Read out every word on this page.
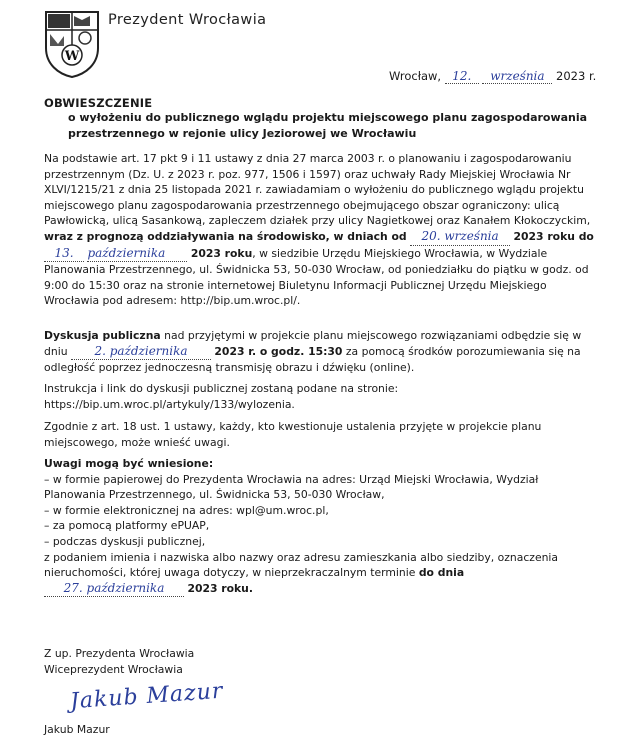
W
Prezydent Wrocławia
Wrocław, 12. września 2023 r.
OBWIESZCZENIE
o wyłożeniu do publicznego wglądu projektu miejscowego planu zagospodarowania przestrzennego w rejonie ulicy Jeziorowej we Wrocławiu
Na podstawie art. 17 pkt 9 i 11 ustawy z dnia 27 marca 2003 r. o planowaniu i zagospodarowaniu przestrzennym (Dz. U. z 2023 r. poz. 977, 1506 i 1597) oraz uchwały Rady Miejskiej Wrocławia Nr XLVI/1215/21 z dnia 25 listopada 2021 r. zawiadamiam o wyłożeniu do publicznego wglądu projektu miejscowego planu zagospodarowania przestrzennego obejmującego obszar ograniczony: ulicą Pawłowicką, ulicą Sasankową, zapleczem działek przy ulicy Nagietkowej oraz Kanałem Kłokoczyckim, wraz z prognozą oddziaływania na środowisko, w dniach od 20. września 2023 roku do 13. października 2023 roku, w siedzibie Urzędu Miejskiego Wrocławia, w Wydziale Planowania Przestrzennego, ul. Świdnicka 53, 50-030 Wrocław, od poniedziałku do piątku w godz. od 9:00 do 15:30 oraz na stronie internetowej Biuletynu Informacji Publicznej Urzędu Miejskiego Wrocławia pod adresem: http://bip.um.wroc.pl/.
Dyskusja publiczna nad przyjętymi w projekcie planu miejscowego rozwiązaniami odbędzie się w dniu 2. października 2023 r. o godz. 15:30 za pomocą środków porozumiewania się na odległość poprzez jednoczesną transmisję obrazu i dźwięku (online).
Instrukcja i link do dyskusji publicznej zostaną podane na stronie: https://bip.um.wroc.pl/artykuly/133/wylozenia.
Zgodnie z art. 18 ust. 1 ustawy, każdy, kto kwestionuje ustalenia przyjęte w projekcie planu miejscowego, może wnieść uwagi.
Uwagi mogą być wniesione:
– w formie papierowej do Prezydenta Wrocławia na adres: Urząd Miejski Wrocławia, Wydział Planowania Przestrzennego, ul. Świdnicka 53, 50-030 Wrocław,
– w formie elektronicznej na adres: wpl@um.wroc.pl,
– za pomocą platformy ePUAP,
– podczas dyskusji publicznej,
z podaniem imienia i nazwiska albo nazwy oraz adresu zamieszkania albo siedziby, oznaczenia nieruchomości, której uwaga dotyczy, w nieprzekraczalnym terminie do dnia 27. października 2023 roku.
Z up. Prezydenta Wrocławia
Wiceprezydent Wrocławia
Jakub Mazur
Jakub Mazur
